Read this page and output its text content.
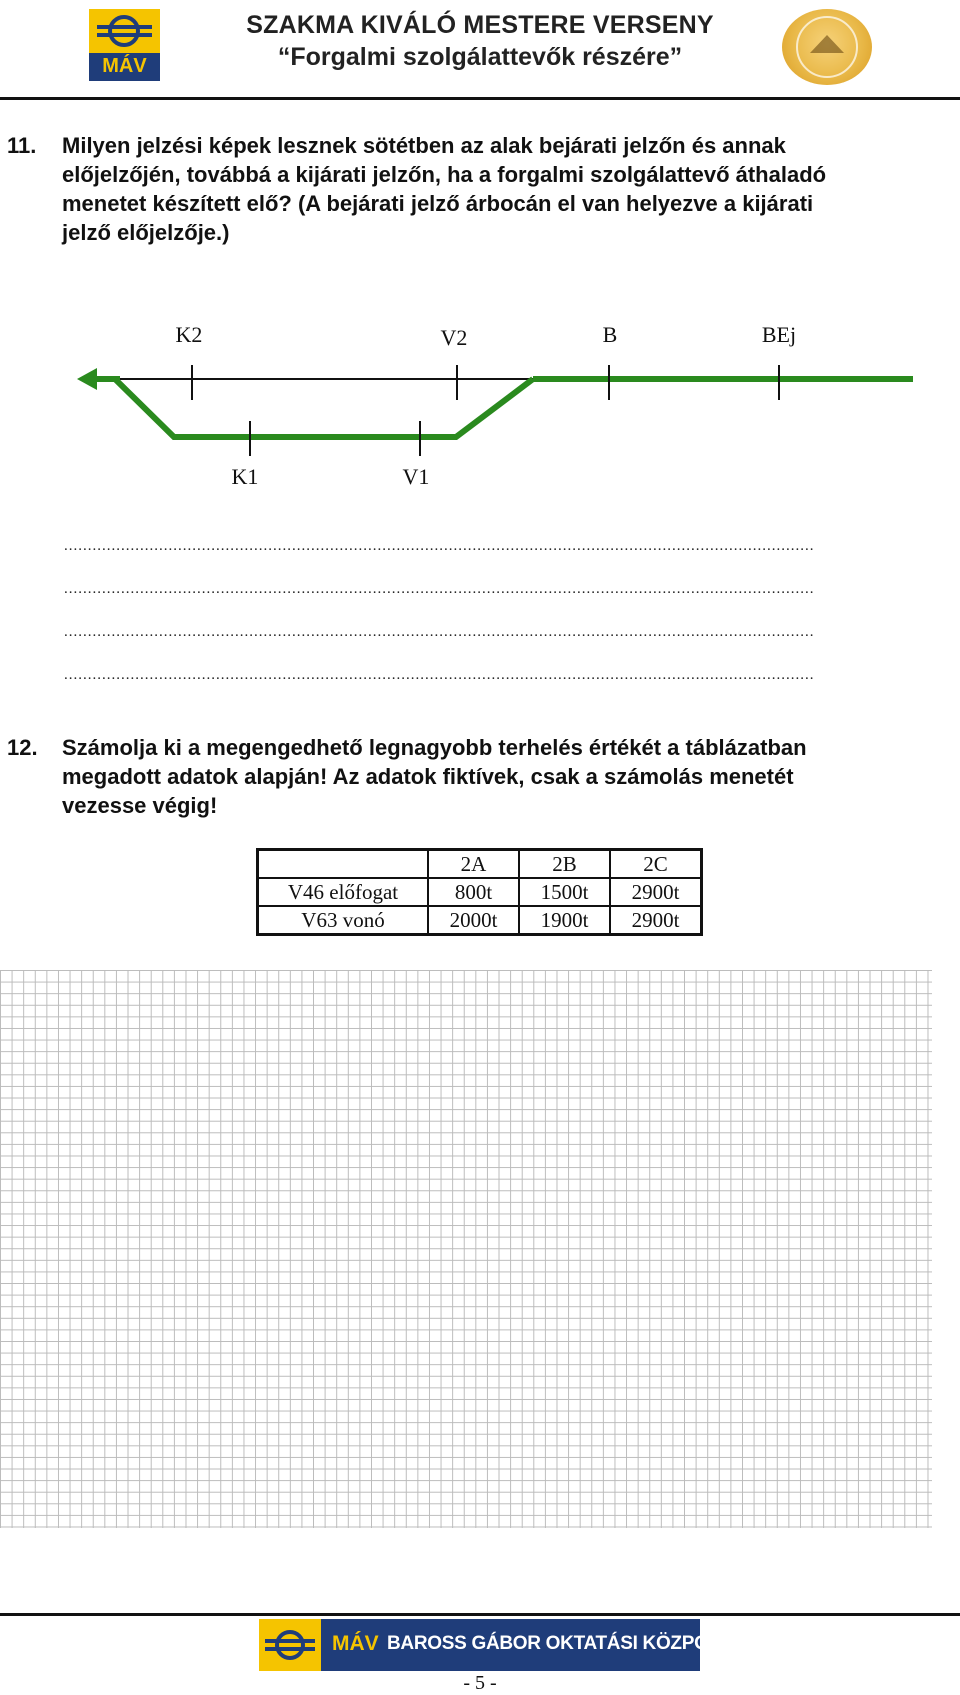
MÁV
SZAKMA KIVÁLÓ MESTERE VERSENY
“Forgalmi szolgálattevők részére”
11. Milyen jelzési képek lesznek sötétben az alak bejárati jelzőn és annak
előjelzőjén, továbbá a kijárati jelzőn, ha a forgalmi szolgálattevő áthaladó
menetet készített elő? (A bejárati jelző árbocán el van helyezve a kijárati
jelző előjelzője.)
K2	V2	B	BEj
K1	V1
..............................................................................................................................................................
..............................................................................................................................................................
..............................................................................................................................................................
..............................................................................................................................................................
12. Számolja ki a megengedhető legnagyobb terhelés értékét a táblázatban
megadott adatok alapján! Az adatok fiktívek, csak a számolás menetét
vezesse végig!
	2A	2B	2C
V46 előfogat	800t	1500t	2900t
V63 vonó	2000t	1900t	2900t
MÁV BAROSS GÁBOR OKTATÁSI KÖZPONT
- 5 -
